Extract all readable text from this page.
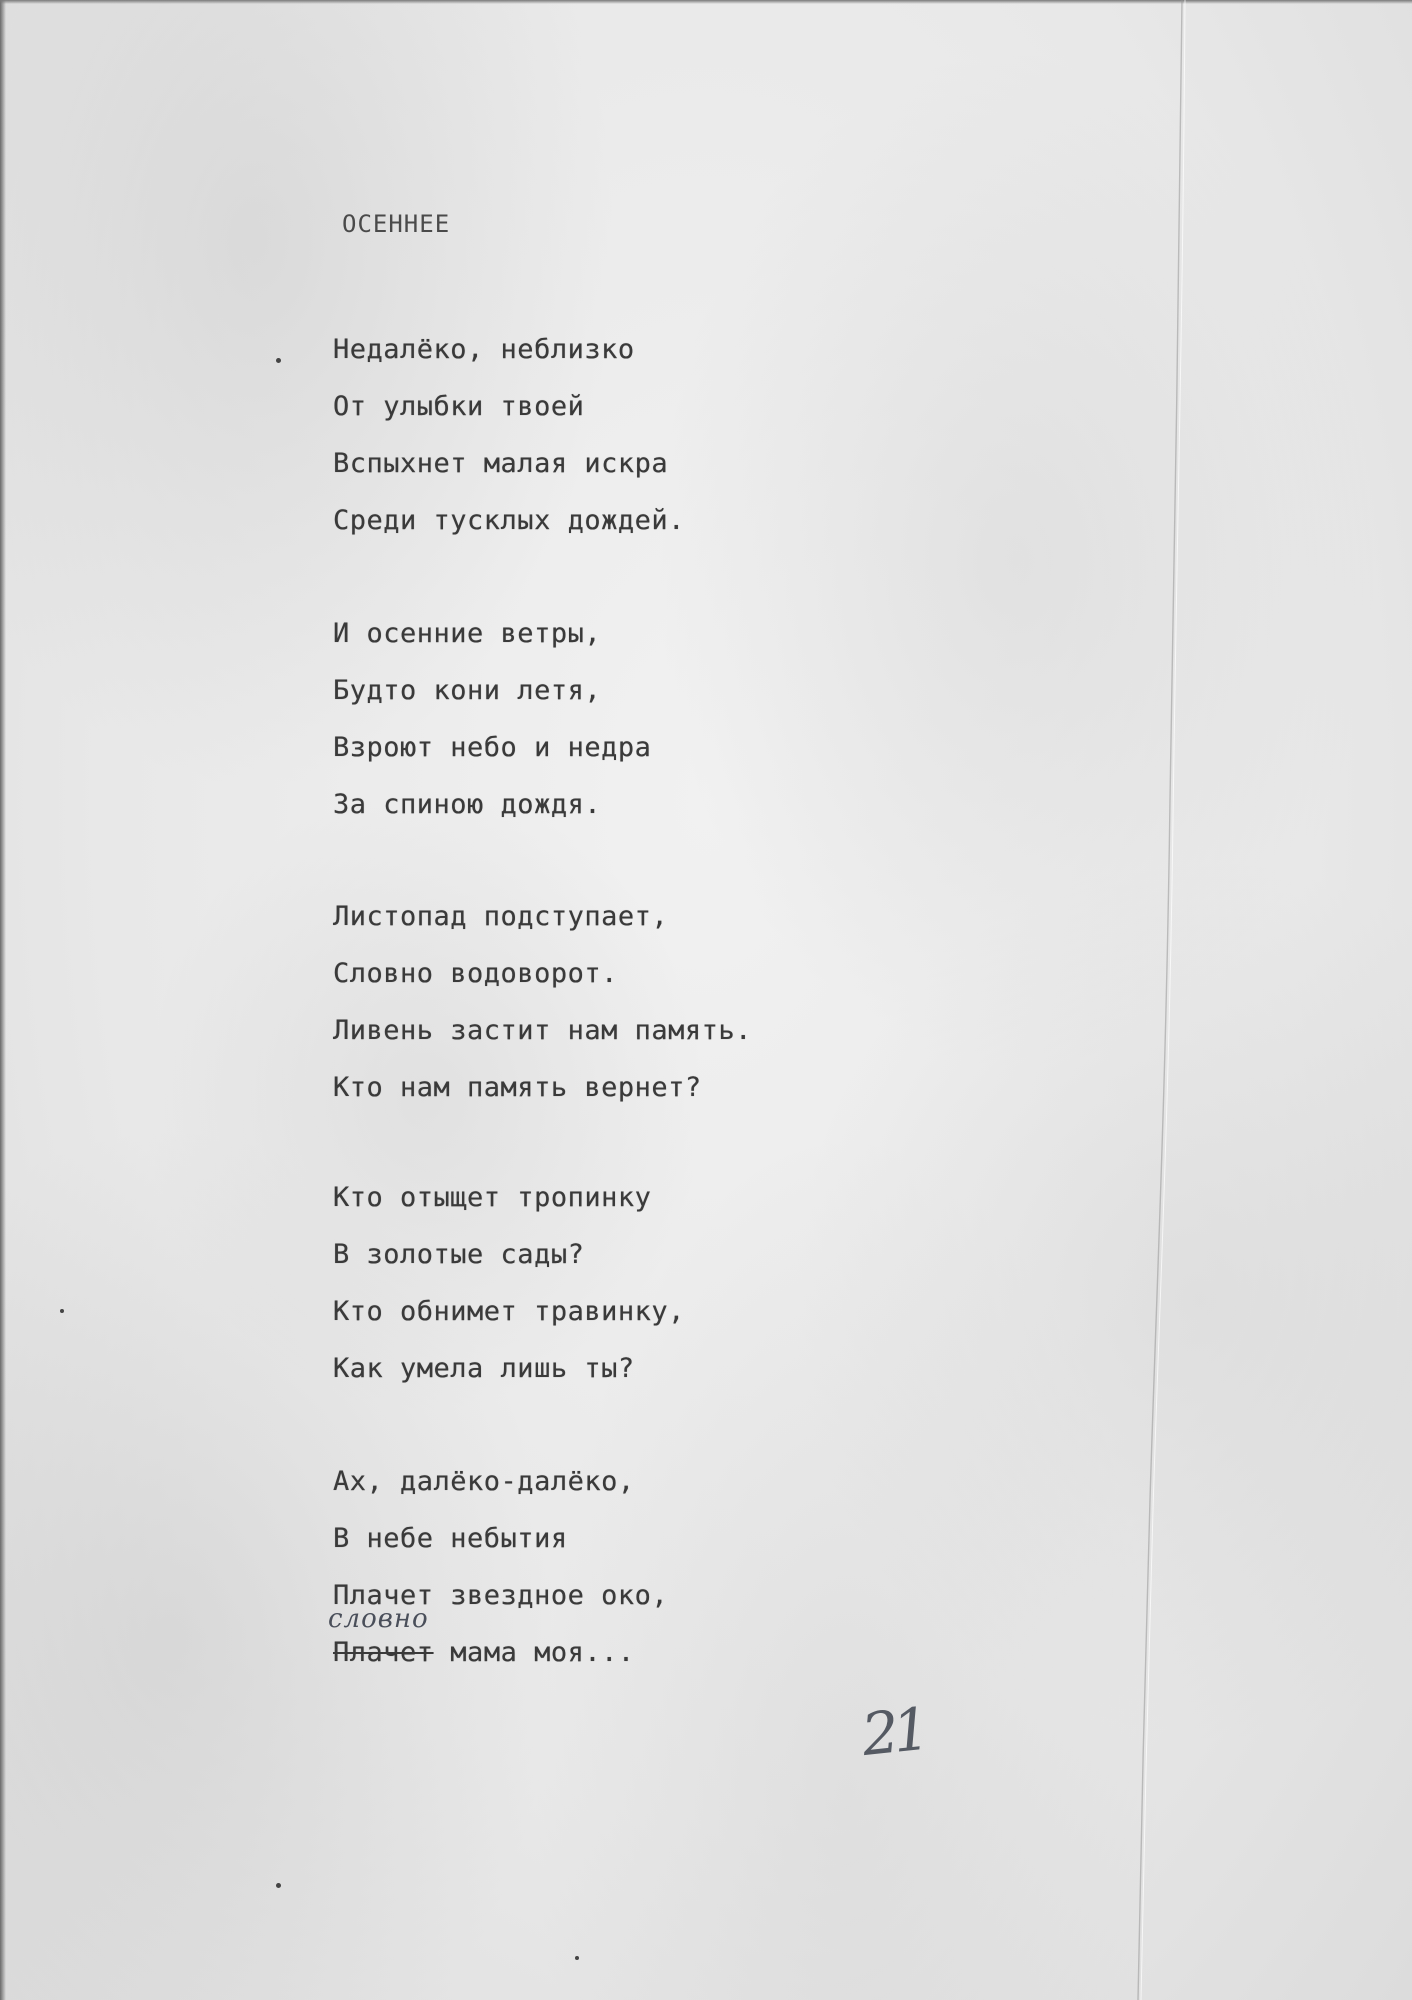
ОСЕННЕЕ
Недалёко, неблизко
От улыбки твоей
Вспыхнет малая искра
Среди тусклых дождей.
И осенние ветры,
Будто кони летя,
Взроют небо и недра
За спиною дождя.
Листопад подступает,
Словно водоворот.
Ливень застит нам память.
Кто нам память вернет?
Кто отыщет тропинку
В золотые сады?
Кто обнимет травинку,
Как умела лишь ты?
Ах, далёко-далёко,
В небе небытия
Плачет звездное око,
Плачет мама моя...
словно
21
